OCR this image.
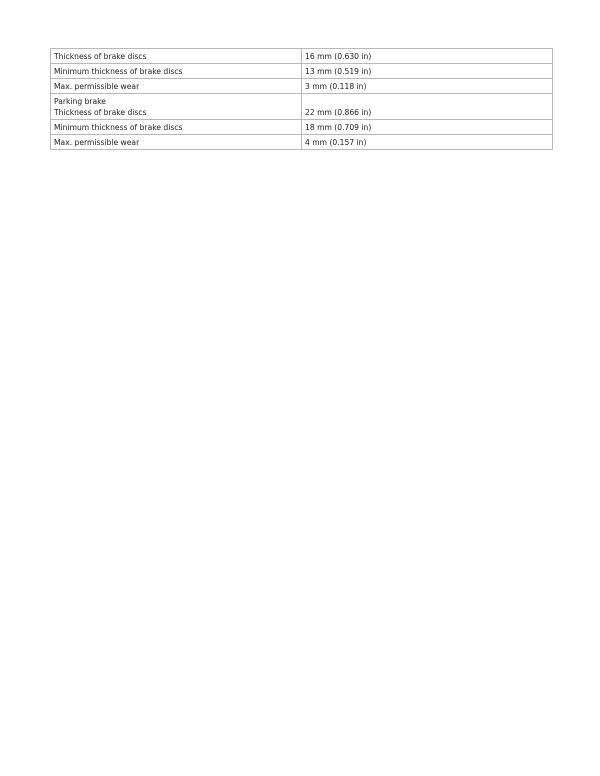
Thickness of brake discs	16 mm (0.630 in)
Minimum thickness of brake discs	13 mm (0.519 in)
Max. permissible wear	3 mm (0.118 in)

Parking brake
Thickness of brake discs	22 mm (0.866 in)
Minimum thickness of brake discs	18 mm (0.709 in)
Max. permissible wear	4 mm (0.157 in)
